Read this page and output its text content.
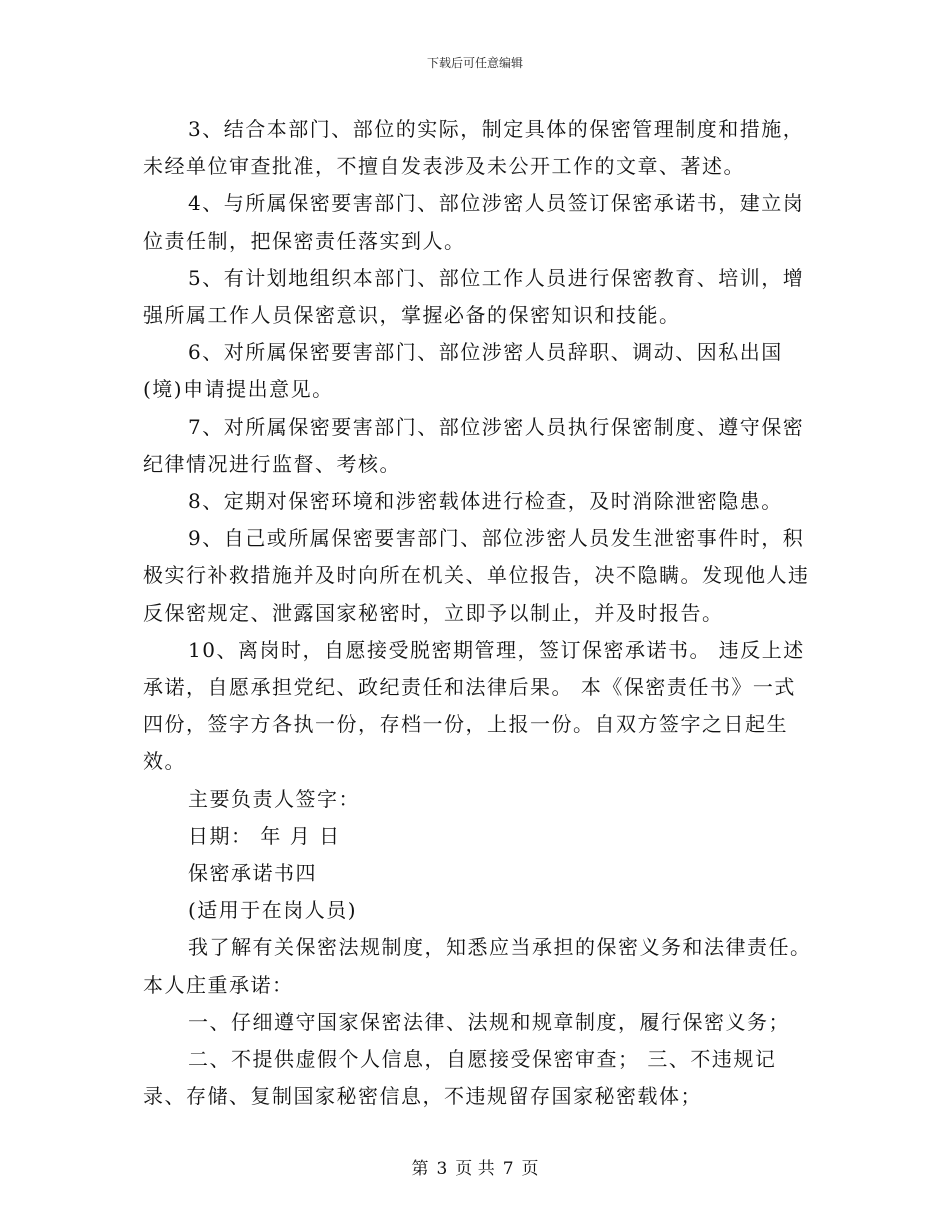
下载后可任意编辑

3、结合本部门、部位的实际，制定具体的保密管理制度和措施，未经单位审查批准，不擅自发表涉及未公开工作的文章、著述。

4、与所属保密要害部门、部位涉密人员签订保密承诺书，建立岗位责任制，把保密责任落实到人。

5、有计划地组织本部门、部位工作人员进行保密教育、培训，增强所属工作人员保密意识，掌握必备的保密知识和技能。

6、对所属保密要害部门、部位涉密人员辞职、调动、因私出国(境)申请提出意见。

7、对所属保密要害部门、部位涉密人员执行保密制度、遵守保密纪律情况进行监督、考核。

8、定期对保密环境和涉密载体进行检查，及时消除泄密隐患。

9、自己或所属保密要害部门、部位涉密人员发生泄密事件时，积极实行补救措施并及时向所在机关、单位报告，决不隐瞒。发现他人违反保密规定、泄露国家秘密时，立即予以制止，并及时报告。

10、离岗时，自愿接受脱密期管理，签订保密承诺书。 违反上述承诺，自愿承担党纪、政纪责任和法律后果。 本《保密责任书》一式四份，签字方各执一份，存档一份，上报一份。自双方签字之日起生效。

主要负责人签字：

日期： 年 月 日

保密承诺书四

(适用于在岗人员)

我了解有关保密法规制度，知悉应当承担的保密义务和法律责任。本人庄重承诺：

一、仔细遵守国家保密法律、法规和规章制度，履行保密义务；

二、不提供虚假个人信息，自愿接受保密审查； 三、不违规记录、存储、复制国家秘密信息，不违规留存国家秘密载体；

第 3 页 共 7 页
